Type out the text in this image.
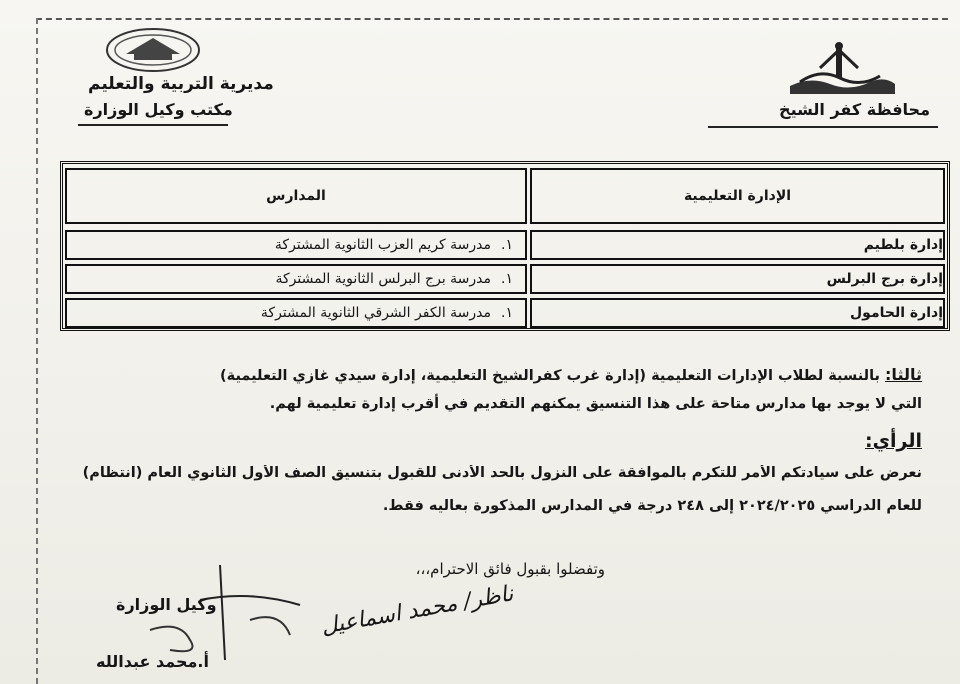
محافظة كفر الشيخ
مديرية التربية والتعليم
مكتب وكيل الوزارة
الإدارة التعليمية
المدارس
إدارة بلطيم
١.
مدرسة كريم العزب الثانوية المشتركة
إدارة برج البرلس
١.
مدرسة برج البرلس الثانوية المشتركة
إدارة الحامول
١.
مدرسة الكفر الشرقي الثانوية المشتركة
ثالثا: بالنسبة لطلاب الإدارات التعليمية (إدارة غرب كفرالشيخ التعليمية، إدارة سيدي غازي التعليمية)
التي لا يوجد بها مدارس متاحة على هذا التنسيق يمكنهم التقديم في أقرب إدارة تعليمية لهم.
الرأي:
نعرض على سيادتكم الأمر للتكرم بالموافقة على النزول بالحد الأدنى للقبول بتنسيق الصف الأول الثانوي العام (انتظام)
للعام الدراسي ٢٠٢٤/٢٠٢٥ إلى ٢٤٨ درجة في المدارس المذكورة بعاليه فقط.
وتفضلوا بقبول فائق الاحترام،،،
وكيل الوزارة	ناظر/ محمد اسماعيل
أ.محمد عبدالله
